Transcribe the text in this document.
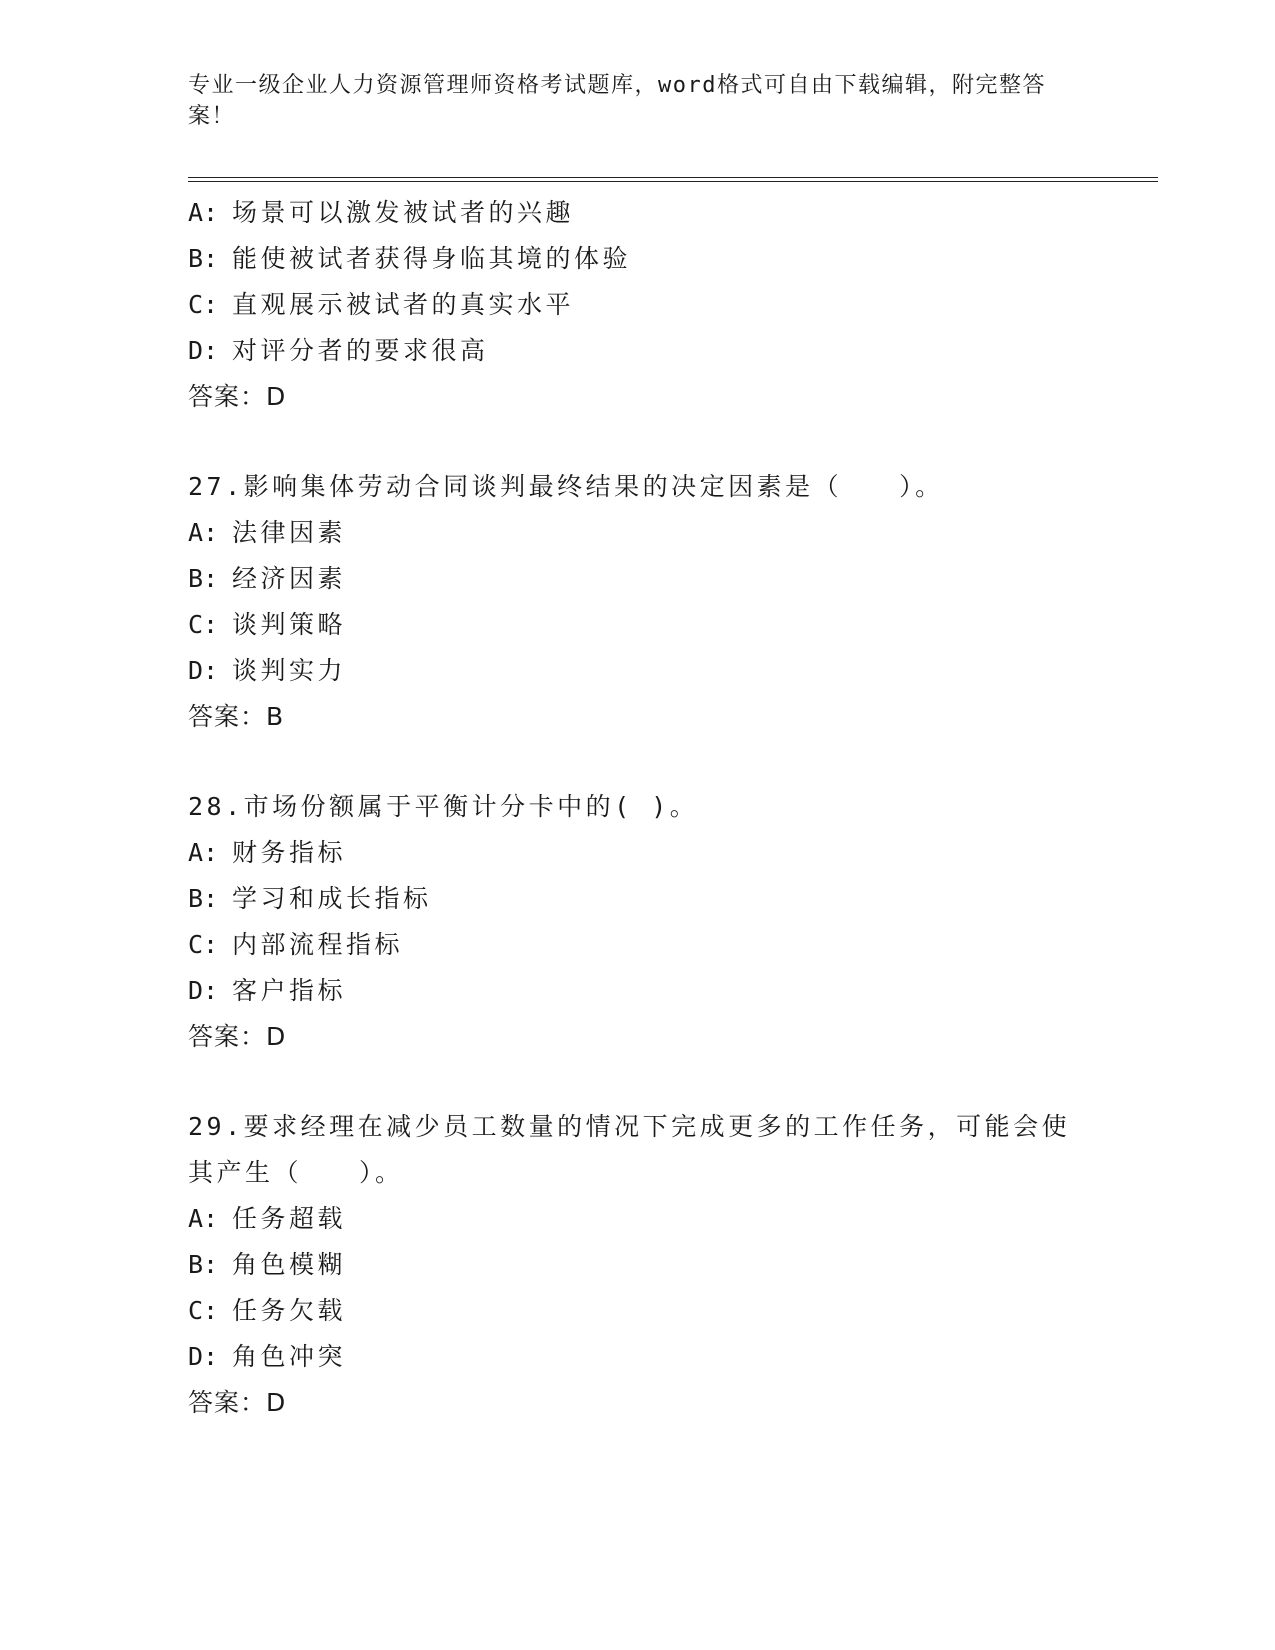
专业一级企业人力资源管理师资格考试题库，word格式可自由下载编辑，附完整答案！
A: 场景可以激发被试者的兴趣
B: 能使被试者获得身临其境的体验
C: 直观展示被试者的真实水平
D: 对评分者的要求很高
答案：D
27.影响集体劳动合同谈判最终结果的决定因素是（　　）。
A: 法律因素
B: 经济因素
C: 谈判策略
D: 谈判实力
答案：B
28.市场份额属于平衡计分卡中的( )。
A: 财务指标
B: 学习和成长指标
C: 内部流程指标
D: 客户指标
答案：D
29.要求经理在减少员工数量的情况下完成更多的工作任务，可能会使其产生（　　）。
A: 任务超载
B: 角色模糊
C: 任务欠载
D: 角色冲突
答案：D
